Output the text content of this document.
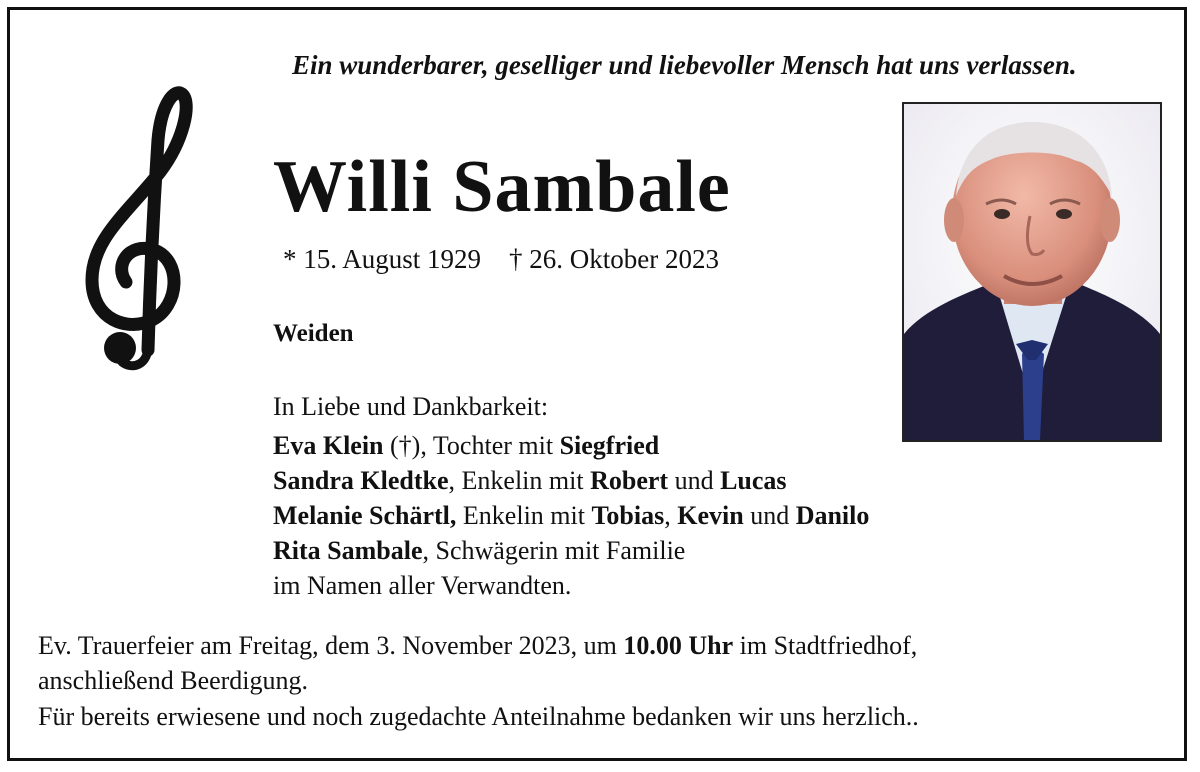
Ein wunderbarer, geselliger und liebevoller Mensch hat uns verlassen.

Willi Sambale

* 15. August 1929 † 26. Oktober 2023

Weiden

In Liebe und Dankbarkeit:

Eva Klein (†), Tochter mit Siegfried
Sandra Kledtke, Enkelin mit Robert und Lucas
Melanie Schärtl, Enkelin mit Tobias, Kevin und Danilo
Rita Sambale, Schwägerin mit Familie
im Namen aller Verwandten.
Ev. Trauerfeier am Freitag, dem 3. November 2023, um 10.00 Uhr im Stadtfriedhof,
anschließend Beerdigung.

Für bereits erwiesene und noch zugedachte Anteilnahme bedanken wir uns herzlich..
